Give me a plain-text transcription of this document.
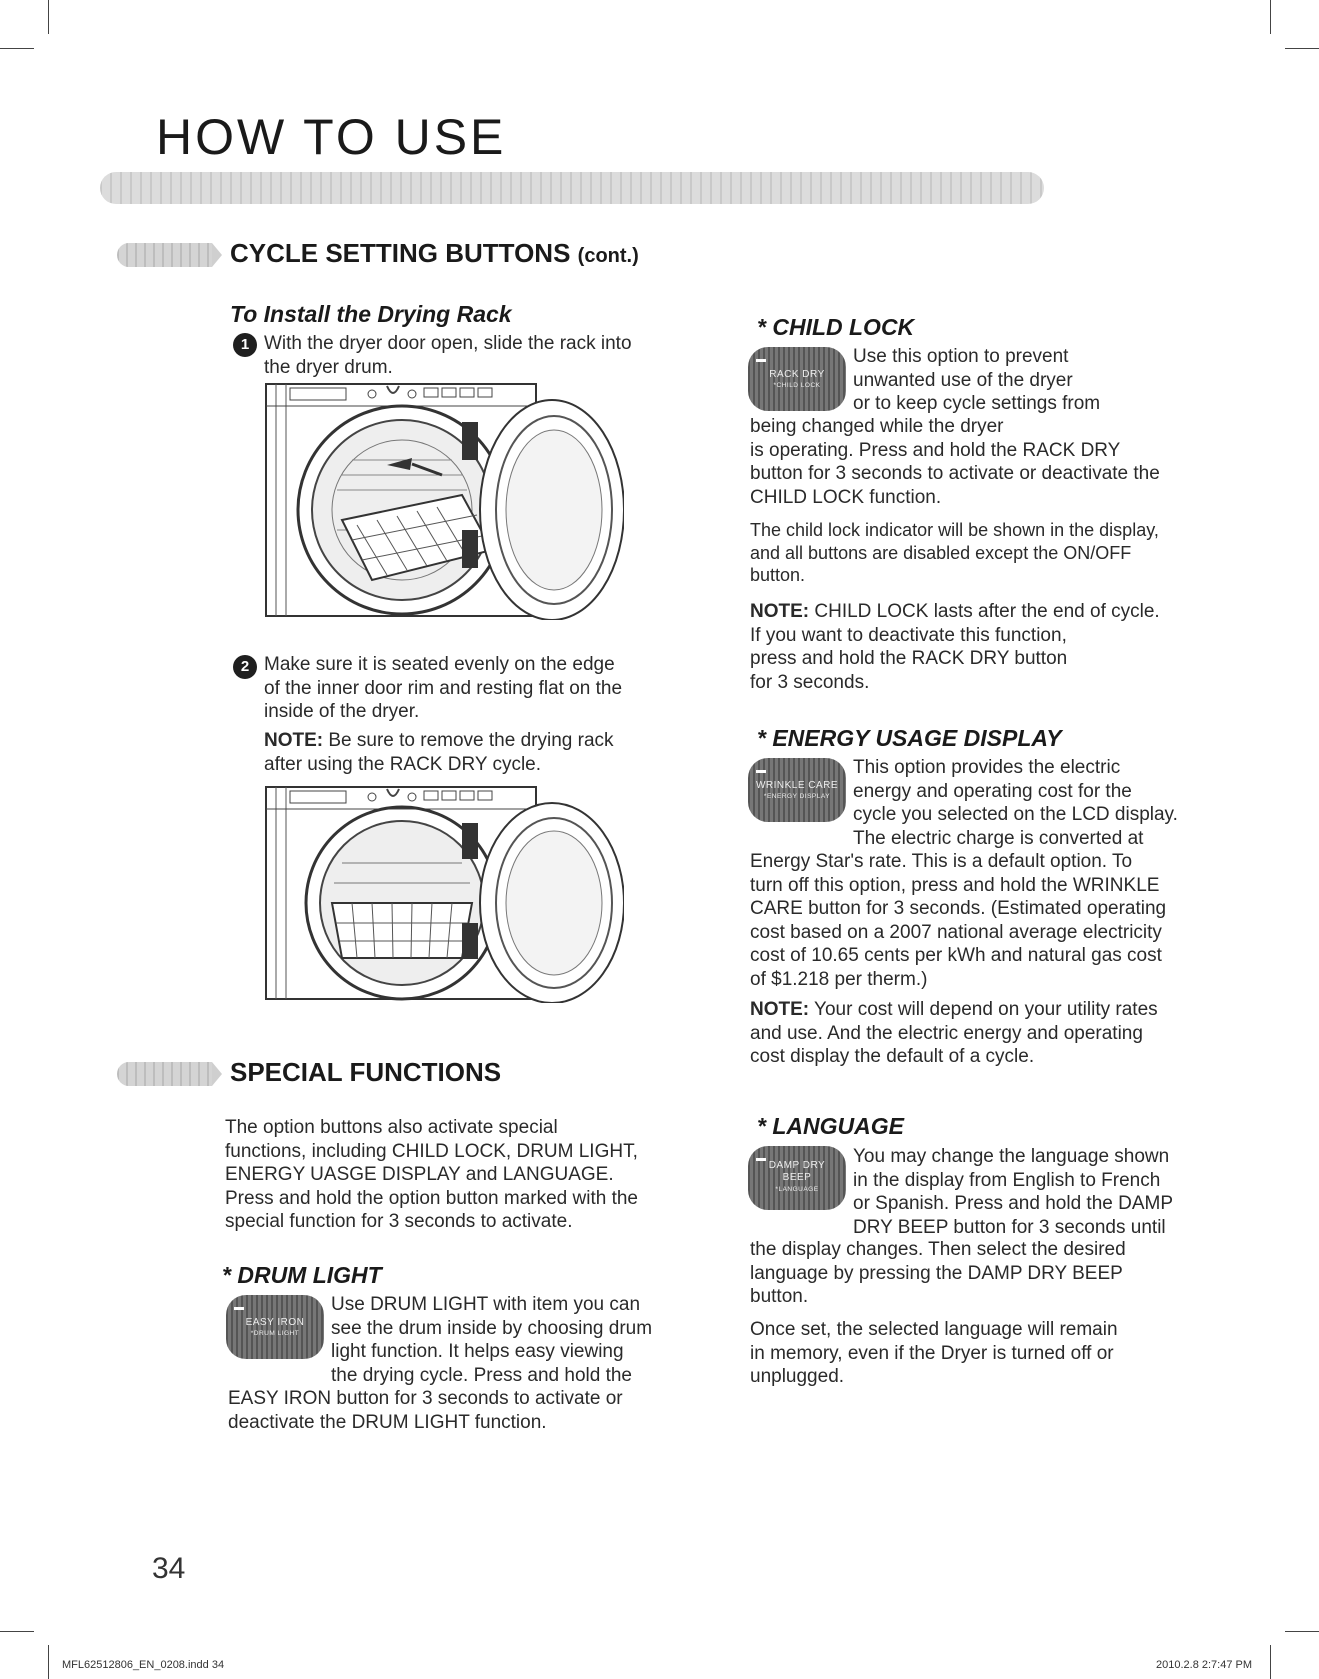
HOW TO USE
CYCLE SETTING BUTTONS (cont.)
To Install the Drying Rack
1 With the dryer door open, slide the rack into
the dryer drum.
2 Make sure it is seated evenly on the edge
of the inner door rim and resting flat on the
inside of the dryer.
NOTE: Be sure to remove the drying rack
after using the RACK DRY cycle.
SPECIAL FUNCTIONS
The option buttons also activate special
functions, including CHILD LOCK, DRUM LIGHT,
ENERGY UASGE DISPLAY and LANGUAGE.
Press and hold the option button marked with the
special function for 3 seconds to activate.
* DRUM LIGHT
EASY IRON
*DRUM LIGHT
Use DRUM LIGHT with item you can
see the drum inside by choosing drum
light function. It helps easy viewing
the drying cycle. Press and hold the
EASY IRON button for 3 seconds to activate or
deactivate the DRUM LIGHT function.
* CHILD LOCK
RACK DRY
*CHILD LOCK
Use this option to prevent
unwanted use of the dryer
or to keep cycle settings from
being changed while the dryer
is operating. Press and hold the RACK DRY
button for 3 seconds to activate or deactivate the
CHILD LOCK function.
The child lock indicator will be shown in the display,
and all buttons are disabled except the ON/OFF
button.
NOTE: CHILD LOCK lasts after the end of cycle.
If you want to deactivate this function,
press and hold the RACK DRY button
for 3 seconds.
* ENERGY USAGE DISPLAY
WRINKLE CARE
*ENERGY DISPLAY
This option provides the electric
energy and operating cost for the
cycle you selected on the LCD display.
The electric charge is converted at
Energy Star's rate. This is a default option. To
turn off this option, press and hold the WRINKLE
CARE button for 3 seconds. (Estimated operating
cost based on a 2007 national average electricity
cost of 10.65 cents per kWh and natural gas cost
of $1.218 per therm.)
NOTE: Your cost will depend on your utility rates
and use. And the electric energy and operating
cost display the default of a cycle.
* LANGUAGE
DAMP DRY
BEEP
*LANGUAGE
You may change the language shown
in the display from English to French
or Spanish. Press and hold the DAMP
DRY BEEP button for 3 seconds until
the display changes. Then select the desired
language by pressing the DAMP DRY BEEP
button.
Once set, the selected language will remain
in memory, even if the Dryer is turned off or
unplugged.
34
MFL62512806_EN_0208.indd 34	2010.2.8 2:7:47 PM
